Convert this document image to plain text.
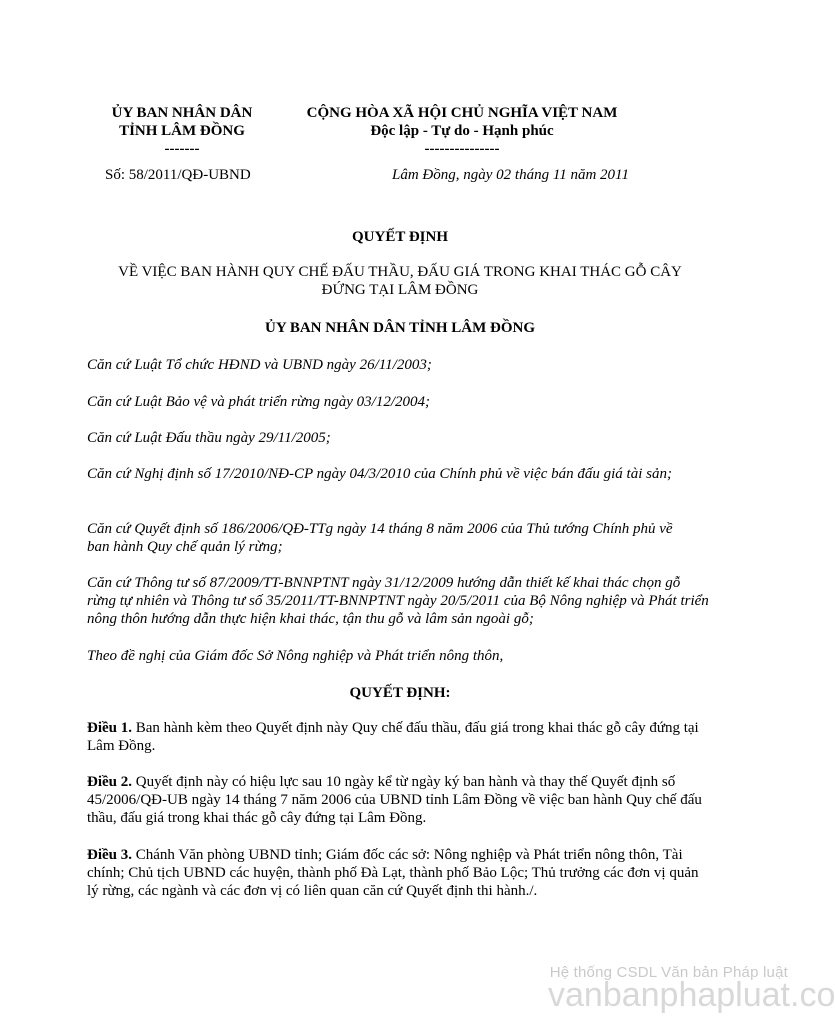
ỦY BAN NHÂN DÂN
TỈNH LÂM ĐỒNG
-------
CỘNG HÒA XÃ HỘI CHỦ NGHĨA VIỆT NAM
Độc lập - Tự do - Hạnh phúc
---------------
Số: 58/2011/QĐ-UBND	Lâm Đồng, ngày 02 tháng 11 năm 2011
QUYẾT ĐỊNH
VỀ VIỆC BAN HÀNH QUY CHẾ ĐẤU THẦU, ĐẤU GIÁ TRONG KHAI THÁC GỖ CÂY
ĐỨNG TẠI LÂM ĐỒNG
ỦY BAN NHÂN DÂN TỈNH LÂM ĐỒNG
Căn cứ Luật Tổ chức HĐND và UBND ngày 26/11/2003;
Căn cứ Luật Bảo vệ và phát triển rừng ngày 03/12/2004;
Căn cứ Luật Đấu thầu ngày 29/11/2005;
Căn cứ Nghị định số 17/2010/NĐ-CP ngày 04/3/2010 của Chính phủ về việc bán đấu giá tài sản;
Căn cứ Quyết định số 186/2006/QĐ-TTg ngày 14 tháng 8 năm 2006 của Thủ tướng Chính phủ về ban hành Quy chế quản lý rừng;
Căn cứ Thông tư số 87/2009/TT-BNNPTNT ngày 31/12/2009 hướng dẫn thiết kế khai thác chọn gỗ rừng tự nhiên và Thông tư số 35/2011/TT-BNNPTNT ngày 20/5/2011 của Bộ Nông nghiệp và Phát triển nông thôn hướng dẫn thực hiện khai thác, tận thu gỗ và lâm sản ngoài gỗ;
Theo đề nghị của Giám đốc Sở Nông nghiệp và Phát triển nông thôn,
QUYẾT ĐỊNH:
Điều 1. Ban hành kèm theo Quyết định này Quy chế đấu thầu, đấu giá trong khai thác gỗ cây đứng tại Lâm Đồng.
Điều 2. Quyết định này có hiệu lực sau 10 ngày kể từ ngày ký ban hành và thay thế Quyết định số 45/2006/QĐ-UB ngày 14 tháng 7 năm 2006 của UBND tỉnh Lâm Đồng về việc ban hành Quy chế đấu thầu, đấu giá trong khai thác gỗ cây đứng tại Lâm Đồng.
Điều 3. Chánh Văn phòng UBND tỉnh; Giám đốc các sở: Nông nghiệp và Phát triển nông thôn, Tài chính; Chủ tịch UBND các huyện, thành phố Đà Lạt, thành phố Bảo Lộc; Thủ trưởng các đơn vị quản lý rừng, các ngành và các đơn vị có liên quan căn cứ Quyết định thi hành./.
Hệ thống CSDL Văn bản Pháp luật
vanbanphapluat.co
